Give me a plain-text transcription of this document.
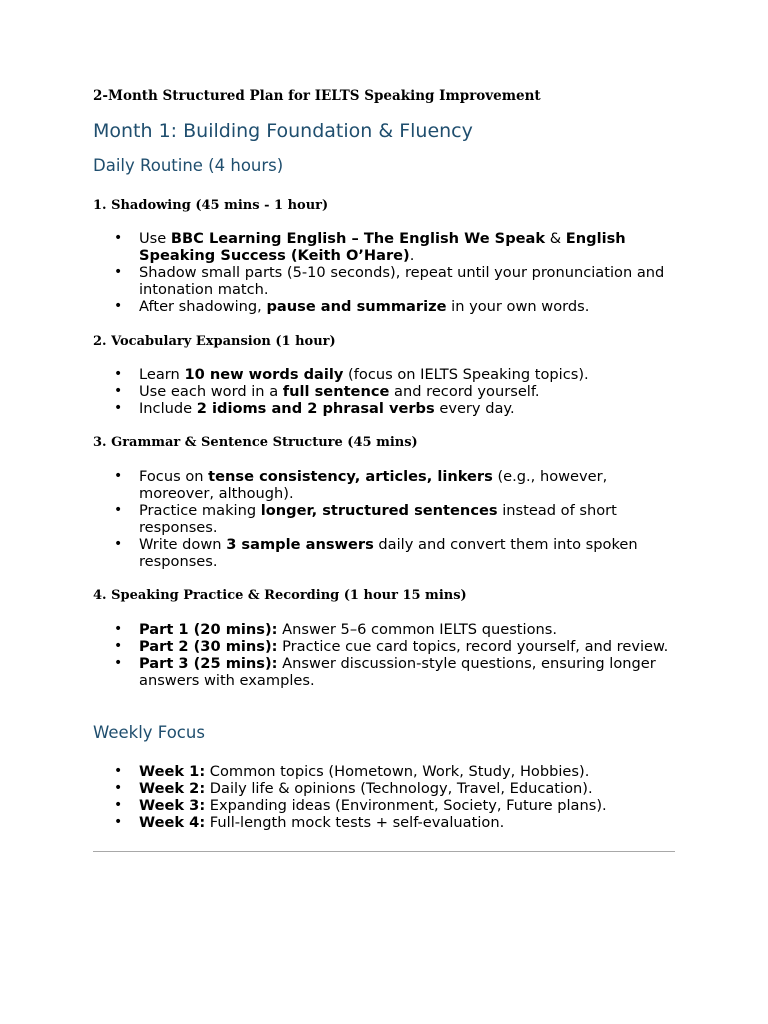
2-Month Structured Plan for IELTS Speaking Improvement
Month 1: Building Foundation & Fluency
Daily Routine (4 hours)
1. Shadowing (45 mins - 1 hour)
• Use BBC Learning English – The English We Speak & English Speaking Success (Keith O’Hare).
• Shadow small parts (5-10 seconds), repeat until your pronunciation and intonation match.
• After shadowing, pause and summarize in your own words.
2. Vocabulary Expansion (1 hour)
• Learn 10 new words daily (focus on IELTS Speaking topics).
• Use each word in a full sentence and record yourself.
• Include 2 idioms and 2 phrasal verbs every day.
3. Grammar & Sentence Structure (45 mins)
• Focus on tense consistency, articles, linkers (e.g., however, moreover, although).
• Practice making longer, structured sentences instead of short responses.
• Write down 3 sample answers daily and convert them into spoken responses.
4. Speaking Practice & Recording (1 hour 15 mins)
• Part 1 (20 mins): Answer 5–6 common IELTS questions.
• Part 2 (30 mins): Practice cue card topics, record yourself, and review.
• Part 3 (25 mins): Answer discussion-style questions, ensuring longer answers with examples.
Weekly Focus
• Week 1: Common topics (Hometown, Work, Study, Hobbies).
• Week 2: Daily life & opinions (Technology, Travel, Education).
• Week 3: Expanding ideas (Environment, Society, Future plans).
• Week 4: Full-length mock tests + self-evaluation.
